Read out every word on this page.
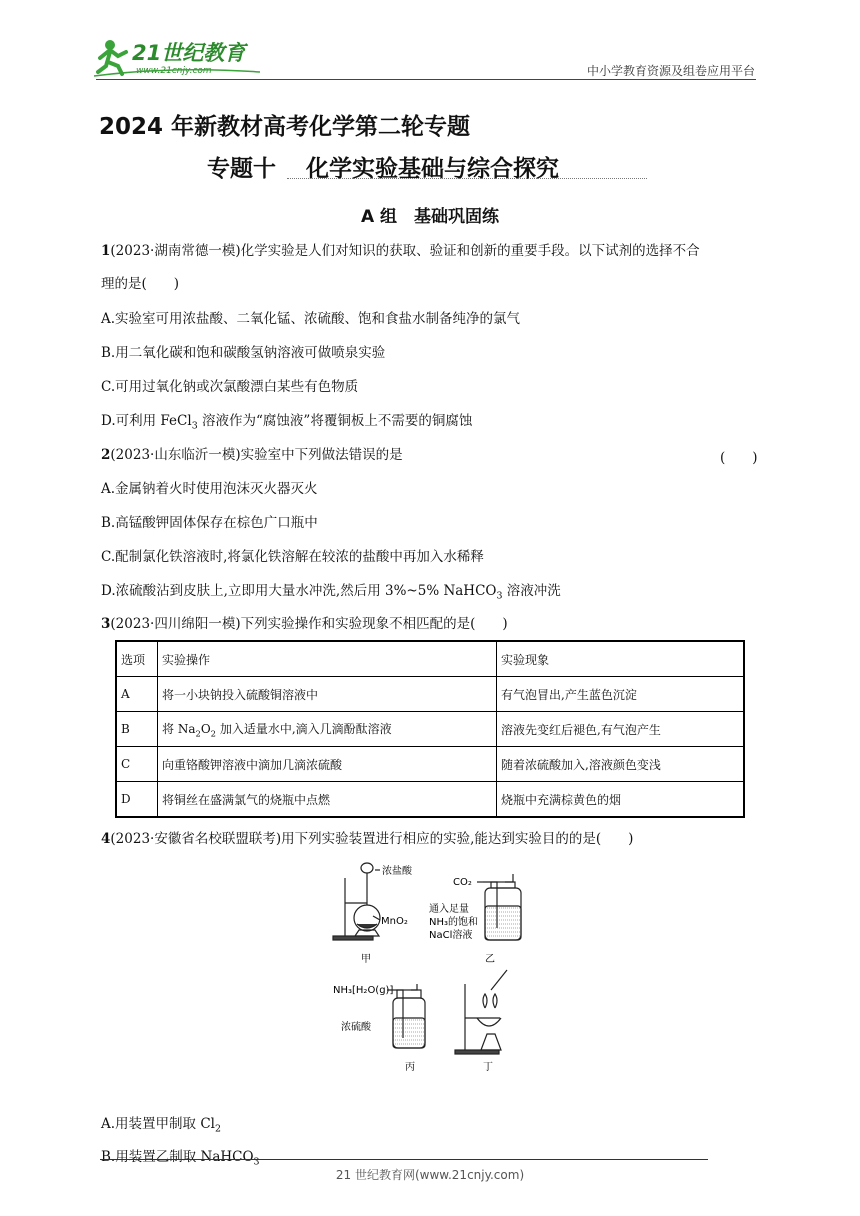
21世纪教育
www.21cnjy.com	中小学教育资源及组卷应用平台
2024 年新教材高考化学第二轮专题
专题十 化学实验基础与综合探究
A 组　基础巩固练
1(2023·湖南常德一模)化学实验是人们对知识的获取、验证和创新的重要手段。以下试剂的选择不合
理的是(　　)
A.实验室可用浓盐酸、二氧化锰、浓硫酸、饱和食盐水制备纯净的氯气
B.用二氧化碳和饱和碳酸氢钠溶液可做喷泉实验
C.可用过氧化钠或次氯酸漂白某些有色物质
D.可利用 FeCl$_3$ 溶液作为“腐蚀液”将覆铜板上不需要的铜腐蚀
2(2023·山东临沂一模)实验室中下列做法错误的是	(　　)
A.金属钠着火时使用泡沫灭火器灭火
B.高锰酸钾固体保存在棕色广口瓶中
C.配制氯化铁溶液时,将氯化铁溶解在较浓的盐酸中再加入水稀释
D.浓硫酸沾到皮肤上,立即用大量水冲洗,然后用 3%~5% NaHCO$_3$ 溶液冲洗
3(2023·四川绵阳一模)下列实验操作和实验现象不相匹配的是(　　)
选项	实验操作	实验现象
A	将一小块钠投入硫酸铜溶液中	有气泡冒出,产生蓝色沉淀
B	将 $Na_2O_2$ 加入适量水中,滴入几滴酚酞溶液	溶液先变红后褪色,有气泡产生
C	向重铬酸钾溶液中滴加几滴浓硫酸	随着浓硫酸加入,溶液颜色变浅
D	将铜丝在盛满氯气的烧瓶中点燃	烧瓶中充满棕黄色的烟
4(2023·安徽省名校联盟联考)用下列实验装置进行相应的实验,能达到实验目的的是(　　)
浓盐酸
MnO₂
甲
CO₂
通入足量
NH₃的饱和
NaCl溶液
乙
NH₃[H₂O(g)]
浓硫酸
丙	丁
A.用装置甲制取 $Cl_2$
B.用装置乙制取 NaHCO$_3$
21 世纪教育网(www.21cnjy.com)
